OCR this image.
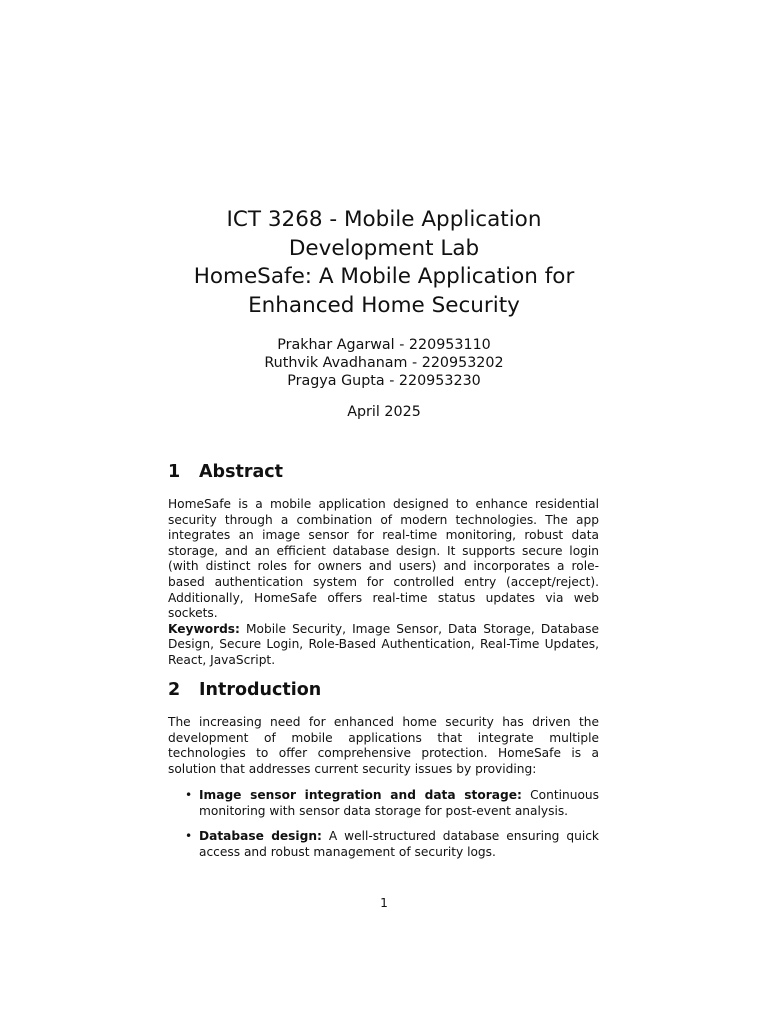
ICT 3268 - Mobile Application
Development Lab
HomeSafe: A Mobile Application for
Enhanced Home Security
Prakhar Agarwal - 220953110
Ruthvik Avadhanam - 220953202
Pragya Gupta - 220953230
April 2025
1 Abstract

HomeSafe is a mobile application designed to enhance residential security through a combination of modern technologies. The app integrates an image sensor for real-time monitoring, robust data storage, and an efficient database design. It supports secure login (with distinct roles for owners and users) and incorporates a role-based authentication system for controlled entry (accept/reject). Additionally, HomeSafe offers real-time status updates via web sockets.
Keywords: Mobile Security, Image Sensor, Data Storage, Database Design, Secure Login, Role-Based Authentication, Real-Time Updates, React, JavaScript.

2 Introduction

The increasing need for enhanced home security has driven the development of mobile applications that integrate multiple technologies to offer comprehensive protection. HomeSafe is a solution that addresses current security issues by providing:

• Image sensor integration and data storage: Continuous monitoring with sensor data storage for post-event analysis.
• Database design: A well-structured database ensuring quick access and robust management of security logs.
1
